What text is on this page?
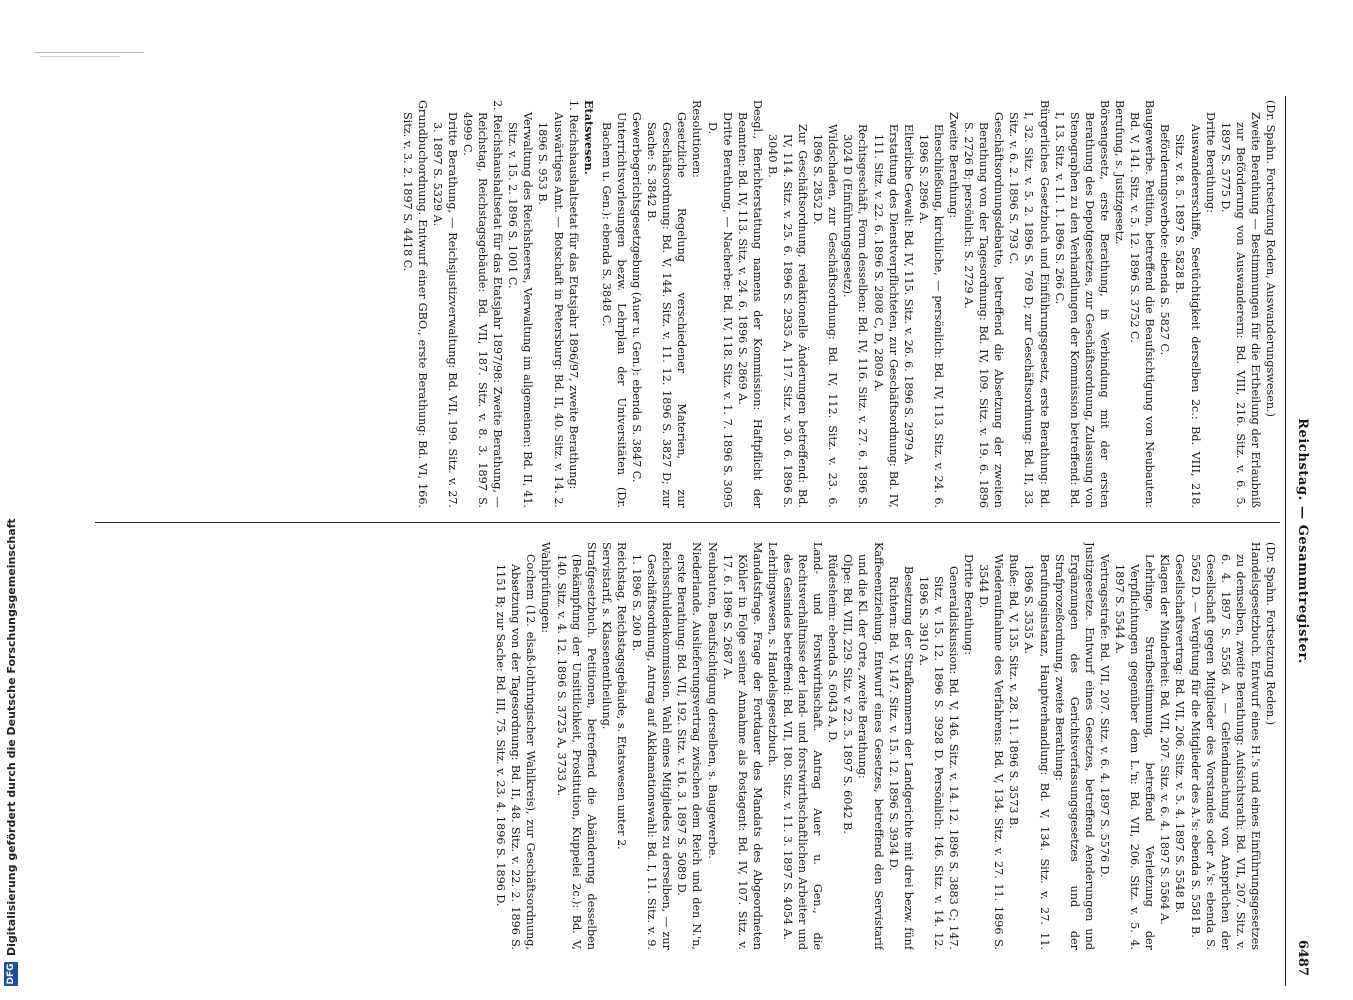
Reichstag. — Gesammtregister.
6487
(Dr. Spahn. Fortsetzung Reden, Auswanderungswesen.)
Zweite Berathung — Bestimmungen für die Ertheilung der Erlaubniß zur Beförderung von Auswanderern: Bd. VIII, 216. Sitz. v. 6. 5. 1897 S. 5775 D.
Dritte Berathung:
Auswandererschiffe, Seetüchtigkeit derselben 2c.: Bd. VIII, 218. Sitz. v. 8. 5. 1897 S. 5828 B.
Beförderungsverbote: ebenda S. 5827 C.
Baugewerbe. Petition, betreffend die Beaufsichtigung von Neubauten: Bd. V, 141. Sitz. v. 5. 12. 1896 S. 3752 C.
Berufung, s. Justizgesetz.
Börsengesetz, erste Berathung, in Verbindung mit der ersten Berathung des Depotgesetzes, zur Geschäftsordnung, Zulassung von Stenographen zu den Verhandlungen der Kommission betreffend: Bd. I, 13. Sitz. v. 11. 1. 1896 S. 266 C.
Bürgerliches Gesetzbuch und Einführungsgesetz, erste Berathung: Bd. I, 32. Sitz. v. 5. 2. 1896 S. 769 D; zur Geschäftsordnung: Bd. II, 33. Sitz. v. 6. 2. 1896 S. 793 C.
Geschäftsordnungsdebatte, betreffend die Absetzung der zweiten Berathung von der Tagesordnung: Bd. IV, 109. Sitz. v. 19. 6. 1896 S. 2726 B; persönlich: S. 2729 A.
Zweite Berathung:
Eheschließung, kirchliche, — persönlich: Bd. IV, 113. Sitz. v. 24. 6. 1896 S. 2896 A.
Elterliche Gewalt: Bd. IV, 115. Sitz. v. 26. 6. 1896 S. 2979 A.
Erstattung des Dienstverpflichteten, zur Geschäftsordnung: Bd. IV, 111. Sitz. v. 22. 6. 1896 S. 2808 C, D, 2809 A.
Rechtsgeschäft, Form desselben: Bd. IV, 116. Sitz. v. 27. 6. 1896 S. 3024 D (Einführungsgesetz).
Wildschaden, zur Geschäftsordnung: Bd. IV, 112. Sitz. v. 23. 6. 1896 S. 2852 D.
Zur Geschäftsordnung, redaktionelle Änderungen betreffend: Bd. IV, 114. Sitz. v. 25. 6. 1896 S. 2935 A, 117. Sitz. v. 30. 6. 1896 S. 3040 B.
Desgl., Berichterstattung namens der Kommission: Haftpflicht der Beamten: Bd. IV, 113. Sitz. v. 24. 6. 1896 S. 2869 A.
Dritte Berathung, — Nacherbe: Bd. IV, 118. Sitz. v. 1. 7. 1896 S. 3095 D.
Resolutionen:
Gesetzliche Regelung verschiedener Materien, zur Geschäftsordnung: Bd. V, 144. Sitz. v. 11. 12. 1896 S. 3827 D; zur Sache: S. 3842 B.
Gewerbegerichtsgesetzgebung (Auer u. Gen.): ebenda S. 3847 C.
Unterrichtsvorlesungen bezw. Lehrplan der Universitäten (Dr. Bachem u. Gen.): ebenda S. 3848 C.
Etatswesen.
1. Reichshaushaltsetat für das Etatsjahr 1896/97, zweite Berathung:
Auswärtiges Amt. — Botschaft in Petersburg: Bd. II, 40. Sitz. v. 14. 2. 1896 S. 953 B.
Verwaltung des Reichsheeres, Verwaltung im allgemeinen: Bd. II, 41. Sitz. v. 15. 2. 1896 S. 1001 C.
2. Reichshaushaltsetat für das Etatsjahr 1897/98: Zweite Berathung, — Reichstag, Reichstagsgebäude: Bd. VII, 187. Sitz. v. 8. 3. 1897 S. 4999 C.
Dritte Berathung, — Reichsjustizverwaltung: Bd. VII, 199. Sitz. v. 27. 3. 1897 S. 5329 A.
Grundbuchordnung. Entwurf einer GBO., erste Berathung: Bd. VI, 166. Sitz. v. 3. 2. 1897 S. 4418 C.
(Dr. Spahn. Fortsetzung Reden.)
Handelsgesetzbuch. Entwurf eines H.'s und eines Einführungsgesetzes zu demselben, zweite Berathung: Aufsichtsrath: Bd. VII, 207. Sitz. v. 6. 4. 1897 S. 5556 A. — Geltendmachung von Ansprüchen der Gesellschaft gegen Mitglieder des Vorstandes oder A.'s: ebenda S. 5562 D. — Vergütung für die Mitglieder des A.'s: ebenda S. 5581 B.
Gesellschaftsvertrag: Bd. VII, 206. Sitz. v. 5. 4. 1897 S. 5548 B.
Klagen der Minderheit: Bd. VII, 207. Sitz. v. 6. 4. 1897 S. 5564 A.
Lehrlinge, Strafbestimmung, betreffend Verletzung der Verpflichtungen gegenüber dem L.'n: Bd. VII, 206. Sitz. v. 5. 4. 1897 S. 5544 A.
Vertragsstrafe: Bd. VII, 207. Sitz. v. 6. 4. 1897 S. 5576 D.
Justizgesetze. Entwurf eines Gesetzes, betreffend Aenderungen und Ergänzungen des Gerichtsverfassungsgesetzes und der Strafprozeßordnung, zweite Berathung:
Berufungsinstanz, Hauptverhandlung: Bd. V, 134. Sitz. v. 27. 11. 1896 S. 3535 A.
Buße: Bd. V, 135. Sitz. v. 28. 11. 1896 S. 3573 B.
Wiederaufnahme des Verfahrens: Bd. V, 134. Sitz. v. 27. 11. 1896 S. 3544 D.
Dritte Berathung:
Generaldiskussion: Bd. V, 146. Sitz. v. 14. 12. 1896 S. 3883 C; 147. Sitz. v. 15. 12. 1896 S. 3928 D. Persönlich: 146. Sitz. v. 14. 12. 1896 S. 3910 A.
Besetzung der Strafkammern der Landgerichte mit drei bezw. fünf Richtern: Bd. V, 147. Sitz. v. 15. 12. 1896 S. 3934 D.
Kaffeeentziehung. Entwurf eines Gesetzes, betreffend den Servistarif und die Kl. der Orte, zweite Berathung:
Olpe: Bd. VIII, 229. Sitz. v. 22. 5. 1897 S. 6042 B.
Rüdesheim: ebenda S. 6043 A, D.
Land- und Forstwirthschaft. Antrag Auer u. Gen., die Rechtsverhältnisse der land- und forstwirthschaftlichen Arbeiter und des Gesindes betreffend: Bd. VII, 180. Sitz. v. 11. 3. 1897 S. 4054 A.
Lehrlingswesen, s. Handelsgesetzbuch.
Mandatsfrage. Frage der Fortdauer des Mandats des Abgeordneten Köhler in Folge seiner Annahme als Postagent: Bd. IV, 107. Sitz. v. 17. 6. 1896 S. 2687 A.
Neubauten, Beaufsichtigung derselben, s. Baugewerbe.
Niederlande. Auslieferungsvertrag zwischen dem Reich und den N.'n, erste Berathung: Bd. VII, 192. Sitz. v. 16. 3. 1897 S. 5089 D.
Reichsschuldenkommission. Wahl eines Mitgliedes zu derselben, — zur Geschäftsordnung, Antrag auf Akklamationswahl: Bd. I, 11. Sitz. v. 9. 1. 1896 S. 200 B.
Reichstag, Reichstagsgebäude, s. Etatswesen unter 2.
Servistarif, s. Klassenentheilung.
Strafgesetzbuch. Petitionen, betreffend die Abänderung desselben (Bekämpfung der Unsittlichkeit, Prostitution, Kuppelei 2c.): Bd. V, 140. Sitz. v. 4. 12. 1896 S. 3725 A, 3733 A.
Wahlprüfungen:
Cochem (12. elsaß-lothringischer Wahlkreis), zur Geschäftsordnung, Absetzung von der Tagesordnung: Bd. II, 48. Sitz. v. 22. 2. 1896 S. 1151 B; zur Sache: Bd. III, 75. Sitz. v. 23. 4. 1896 S. 1896 D.
DFG
Digitalisierung gefördert durch die Deutsche Forschungsgemeinschaft
